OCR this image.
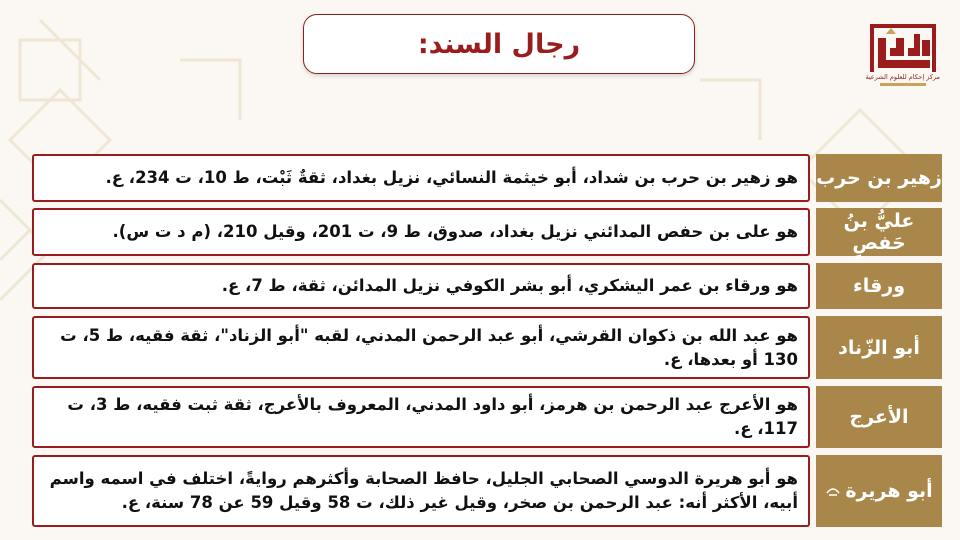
رجال السند:
مركز إحكام للعلوم الشرعية
هو زهير بن حرب بن شداد، أبو خيثمة النسائي، نزيل بغداد، ثقةٌ ثَبْت، ط 10، ت 234، ع. زهير بن حرب
هو على بن حفص المدائني نزيل بغداد، صدوق، ط 9، ت 201، وقيل 210، (م د ت س).	عليُّ بنُ حَفصٍ
هو ورقاء بن عمر اليشكري، أبو بشر الكوفي نزيل المدائن، ثقة، ط 7، ع.	ورقاء
هو عبد الله بن ذكوان القرشي، أبو عبد الرحمن المدني، لقبه "أبو الزناد"، ثقة فقيه، ط 5، ت 130 أو بعدها، ع.
أبو الزّناد
هو الأعرج عبد الرحمن بن هرمز، أبو داود المدني، المعروف بالأعرج، ثقة ثبت فقيه، ط 3، ت 117، ع.
الأعرج
هو أبو هريرة الدوسي الصحابي الجليل، حافظ الصحابة وأكثرهم روايةً، اختلف في اسمه واسم أبيه، الأكثر أنه: عبد الرحمن بن صخر، وقيل غير ذلك، ت 58 وقيل 59 عن 78 سنة، ع.
أبو هريرة
